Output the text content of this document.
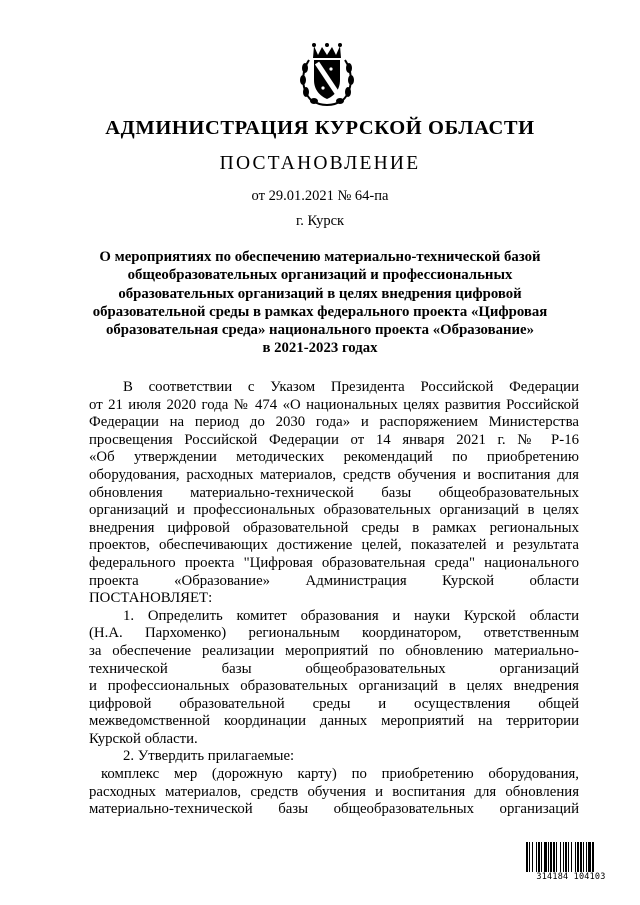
АДМИНИСТРАЦИЯ КУРСКОЙ ОБЛАСТИ
ПОСТАНОВЛЕНИЕ
от 29.01.2021 № 64-па
г. Курск
О мероприятиях по обеспечению материально-технической базой
общеобразовательных организаций и профессиональных
образовательных организаций в целях внедрения цифровой
образовательной среды в рамках федерального проекта «Цифровая
образовательная среда» национального проекта «Образование»
в 2021-2023 годах
В соответствии с Указом Президента Российской Федерации
от 21 июля 2020 года № 474 «О национальных целях развития Российской
Федерации на период до 2030 года» и распоряжением Министерства
просвещения Российской Федерации от 14 января 2021 г. № Р-16
«Об утверждении методических рекомендаций по приобретению
оборудования, расходных материалов, средств обучения и воспитания для
обновления материально-технической базы общеобразовательных
организаций и профессиональных образовательных организаций в целях
внедрения цифровой образовательной среды в рамках региональных
проектов, обеспечивающих достижение целей, показателей и результата
федерального проекта "Цифровая образовательная среда" национального
проекта «Образование» Администрация Курской области
ПОСТАНОВЛЯЕТ:
1. Определить комитет образования и науки Курской области
(Н.А. Пархоменко) региональным координатором, ответственным
за обеспечение реализации мероприятий по обновлению материально-
технической базы общеобразовательных организаций
и профессиональных образовательных организаций в целях внедрения
цифровой образовательной среды и осуществления общей
межведомственной координации данных мероприятий на территории
Курской области.
2. Утвердить прилагаемые:
комплекс мер (дорожную карту) по приобретению оборудования,
расходных материалов, средств обучения и воспитания для обновления
материально-технической базы общеобразовательных организаций
314184 104103
